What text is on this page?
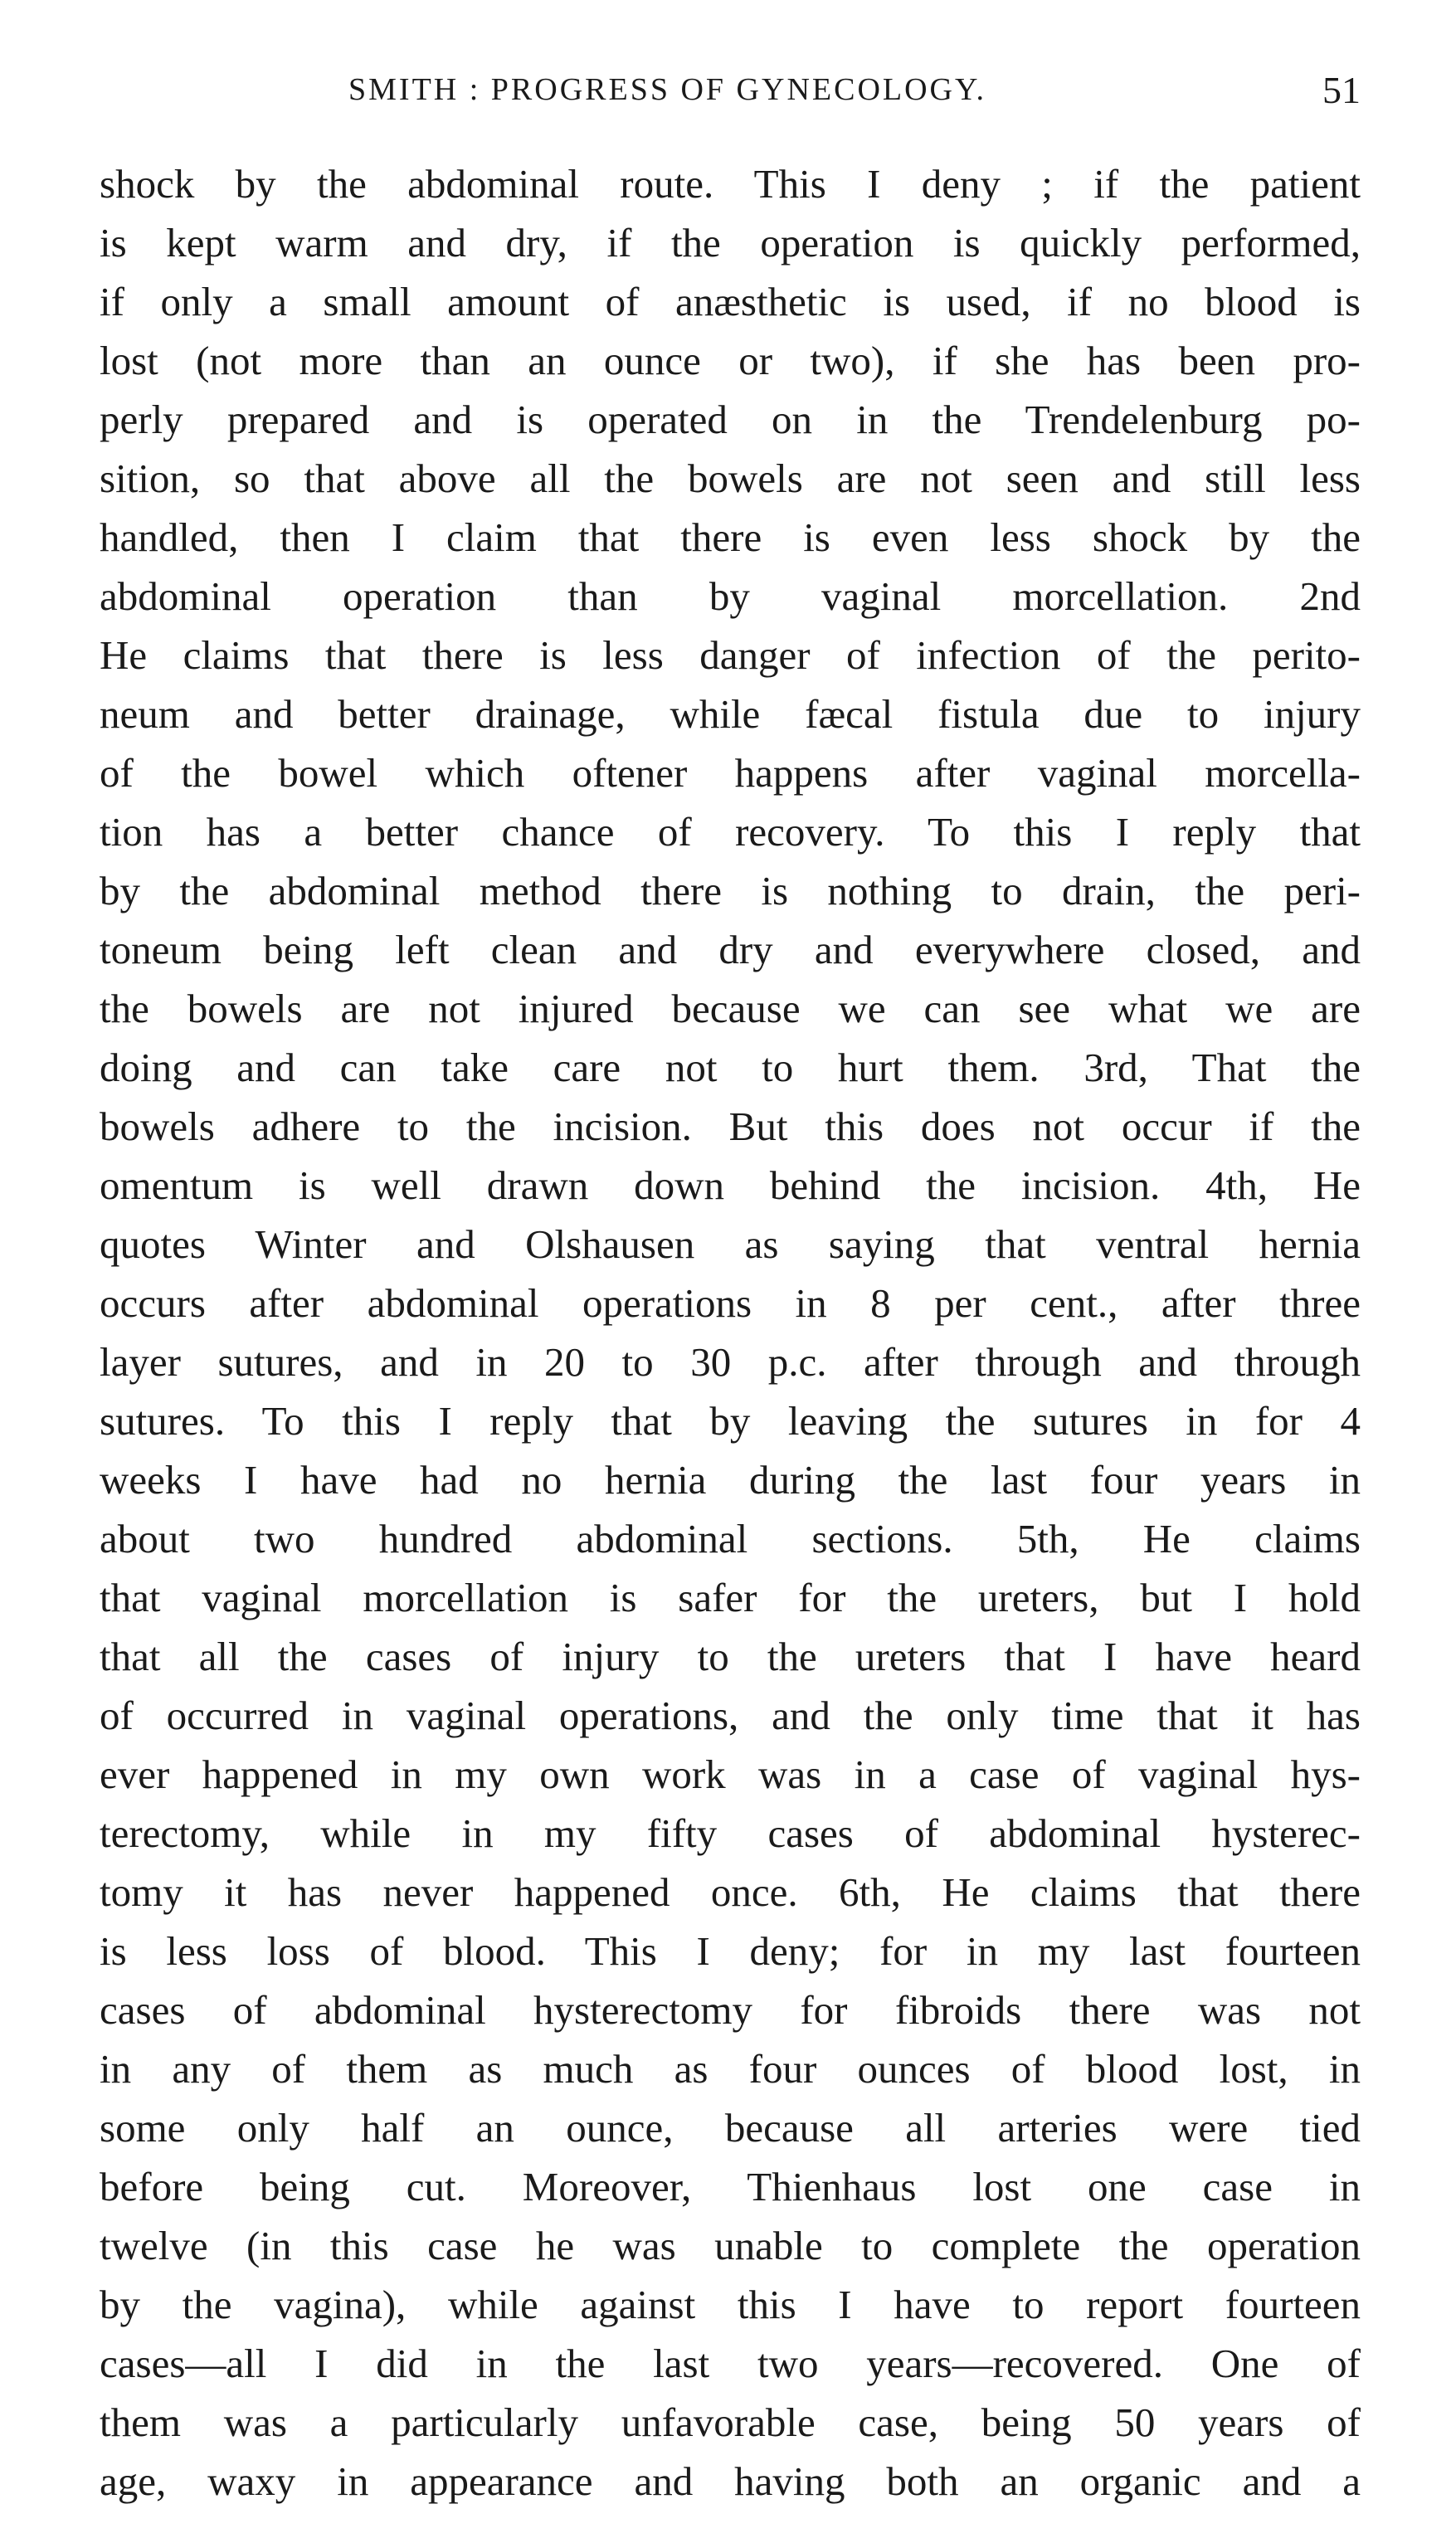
SMITH : PROGRESS OF GYNECOLOGY.	51
shock by the abdominal route. This I deny ; if the patient
is kept warm and dry, if the operation is quickly performed,
if only a small amount of anæsthetic is used, if no blood is
lost (not more than an ounce or two), if she has been pro-
perly prepared and is operated on in the Trendelenburg po-
sition, so that above all the bowels are not seen and still less
handled, then I claim that there is even less shock by the
abdominal operation than by vaginal morcellation. 2nd
He claims that there is less danger of infection of the perito-
neum and better drainage, while fæcal fistula due to injury
of the bowel which oftener happens after vaginal morcella-
tion has a better chance of recovery. To this I reply that
by the abdominal method there is nothing to drain, the peri-
toneum being left clean and dry and everywhere closed, and
the bowels are not injured because we can see what we are
doing and can take care not to hurt them. 3rd, That the
bowels adhere to the incision. But this does not occur if the
omentum is well drawn down behind the incision. 4th, He
quotes Winter and Olshausen as saying that ventral hernia
occurs after abdominal operations in 8 per cent., after three
layer sutures, and in 20 to 30 p.c. after through and through
sutures. To this I reply that by leaving the sutures in for 4
weeks I have had no hernia during the last four years in
about two hundred abdominal sections. 5th, He claims
that vaginal morcellation is safer for the ureters, but I hold
that all the cases of injury to the ureters that I have heard
of occurred in vaginal operations, and the only time that it has
ever happened in my own work was in a case of vaginal hys-
terectomy, while in my fifty cases of abdominal hysterec-
tomy it has never happened once. 6th, He claims that there
is less loss of blood. This I deny; for in my last fourteen
cases of abdominal hysterectomy for fibroids there was not
in any of them as much as four ounces of blood lost, in
some only half an ounce, because all arteries were tied
before being cut. Moreover, Thienhaus lost one case in
twelve (in this case he was unable to complete the operation
by the vagina), while against this I have to report fourteen
cases—all I did in the last two years—recovered. One of
them was a particularly unfavorable case, being 50 years of
age, waxy in appearance and having both an organic and a
